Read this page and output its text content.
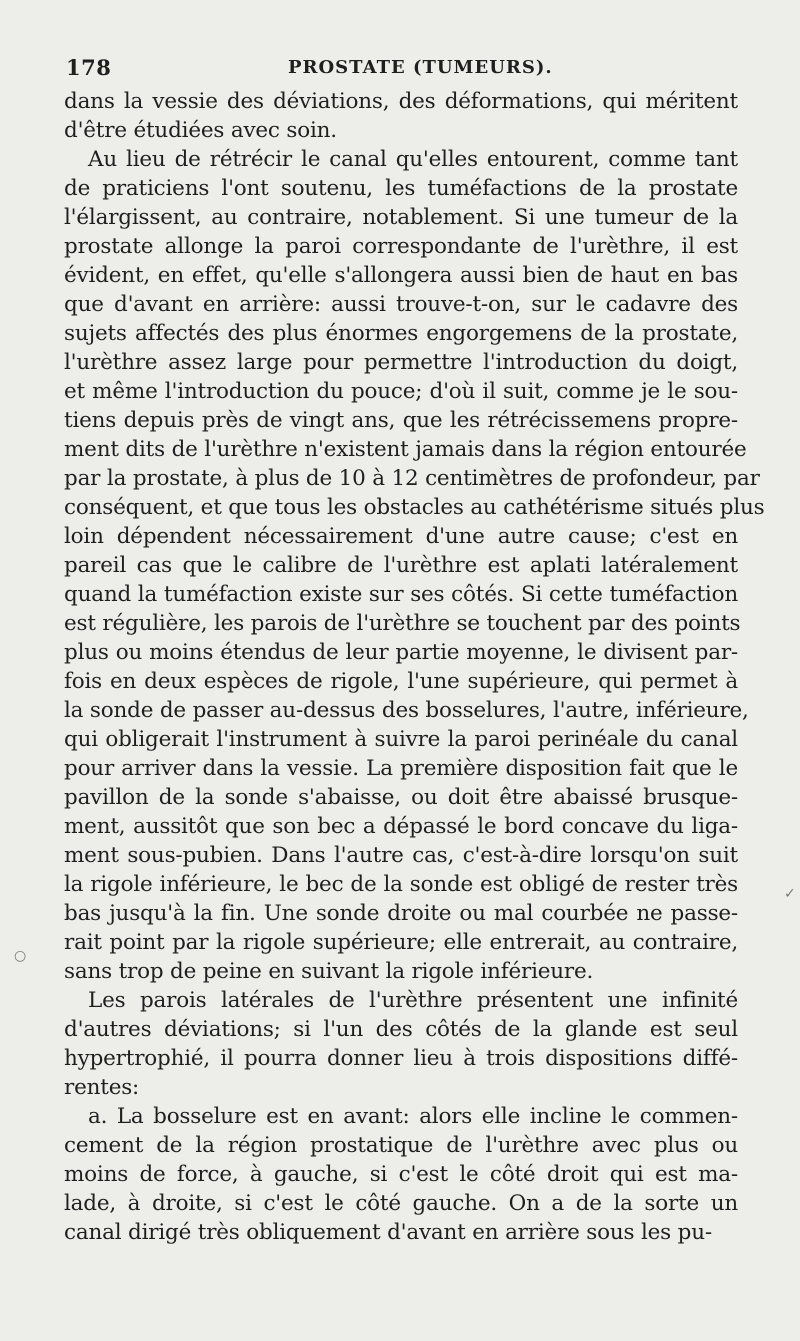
178	PROSTATE (TUMEURS).
dans la vessie des déviations, des déformations, qui méritent
d'être étudiées avec soin.
Au lieu de rétrécir le canal qu'elles entourent, comme tant
de praticiens l'ont soutenu, les tuméfactions de la prostate
l'élargissent, au contraire, notablement. Si une tumeur de la
prostate allonge la paroi correspondante de l'urèthre, il est
évident, en effet, qu'elle s'allongera aussi bien de haut en bas
que d'avant en arrière: aussi trouve-t-on, sur le cadavre des
sujets affectés des plus énormes engorgemens de la prostate,
l'urèthre assez large pour permettre l'introduction du doigt,
et même l'introduction du pouce; d'où il suit, comme je le sou-
tiens depuis près de vingt ans, que les rétrécissemens propre-
ment dits de l'urèthre n'existent jamais dans la région entourée
par la prostate, à plus de 10 à 12 centimètres de profondeur, par
conséquent, et que tous les obstacles au cathétérisme situés plus
loin dépendent nécessairement d'une autre cause; c'est en
pareil cas que le calibre de l'urèthre est aplati latéralement
quand la tuméfaction existe sur ses côtés. Si cette tuméfaction
est régulière, les parois de l'urèthre se touchent par des points
plus ou moins étendus de leur partie moyenne, le divisent par-
fois en deux espèces de rigole, l'une supérieure, qui permet à
la sonde de passer au-dessus des bosselures, l'autre, inférieure,
qui obligerait l'instrument à suivre la paroi perinéale du canal
pour arriver dans la vessie. La première disposition fait que le
pavillon de la sonde s'abaisse, ou doit être abaissé brusque-
ment, aussitôt que son bec a dépassé le bord concave du liga-
ment sous-pubien. Dans l'autre cas, c'est-à-dire lorsqu'on suit
la rigole inférieure, le bec de la sonde est obligé de rester très
bas jusqu'à la fin. Une sonde droite ou mal courbée ne passe-
rait point par la rigole supérieure; elle entrerait, au contraire,
sans trop de peine en suivant la rigole inférieure.
Les parois latérales de l'urèthre présentent une infinité
d'autres déviations; si l'un des côtés de la glande est seul
hypertrophié, il pourra donner lieu à trois dispositions diffé-
rentes:
a. La bosselure est en avant: alors elle incline le commen-
cement de la région prostatique de l'urèthre avec plus ou
moins de force, à gauche, si c'est le côté droit qui est ma-
lade, à droite, si c'est le côté gauche. On a de la sorte un
canal dirigé très obliquement d'avant en arrière sous les pu-
✓
○
